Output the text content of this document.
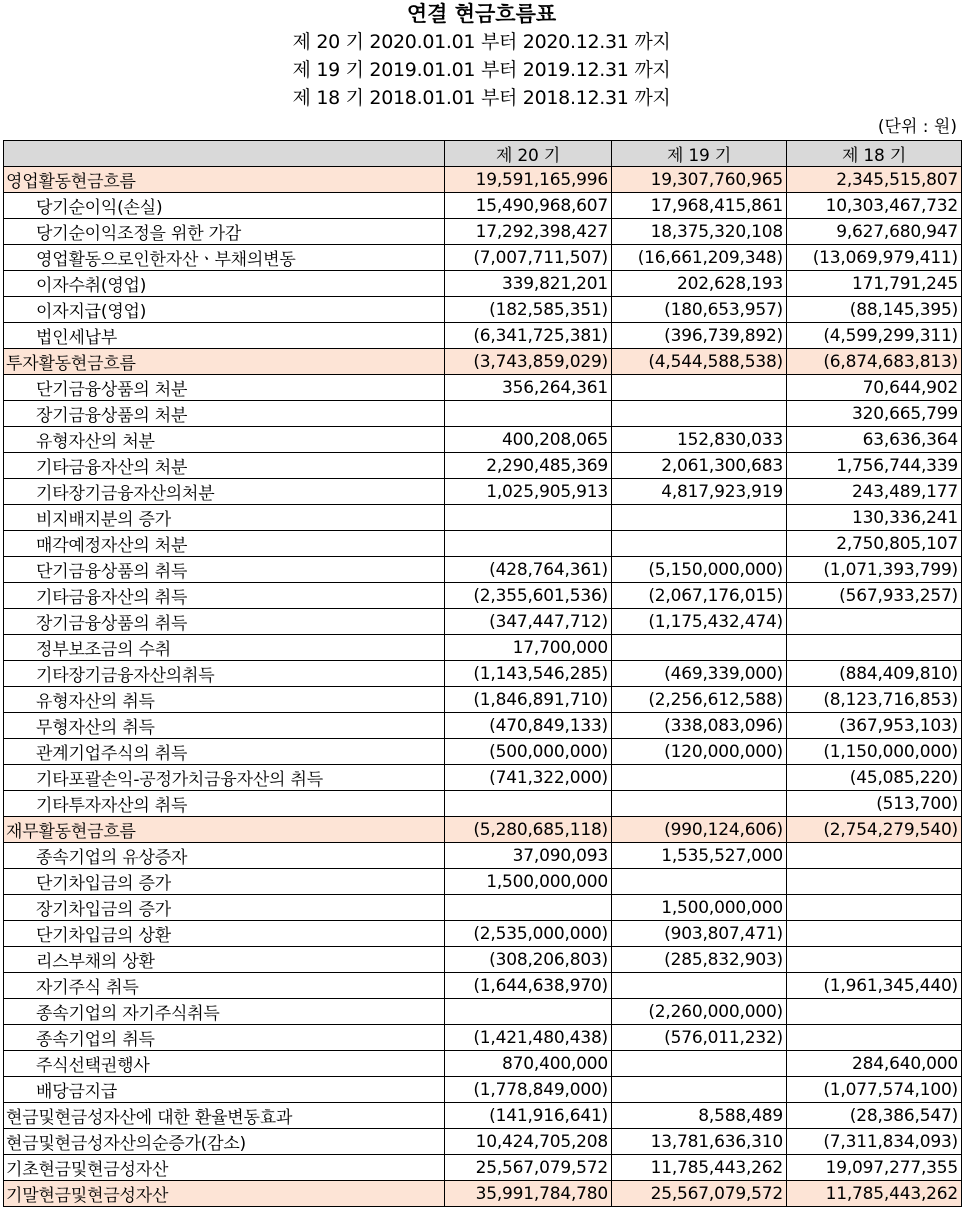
연결 현금흐름표
제 20 기 2020.01.01 부터 2020.12.31 까지
제 19 기 2019.01.01 부터 2019.12.31 까지
제 18 기 2018.01.01 부터 2018.12.31 까지
(단위 : 원)
	제 20 기	제 19 기	제 18 기
영업활동현금흐름	19,591,165,996	19,307,760,965	2,345,515,807
당기순이익(손실)	15,490,968,607	17,968,415,861	10,303,467,732
당기순이익조정을 위한 가감	17,292,398,427	18,375,320,108	9,627,680,947
영업활동으로인한자산ㆍ부채의변동	(7,007,711,507)	(16,661,209,348)	(13,069,979,411)
이자수취(영업)	339,821,201	202,628,193	171,791,245
이자지급(영업)	(182,585,351)	(180,653,957)	(88,145,395)
법인세납부	(6,341,725,381)	(396,739,892)	(4,599,299,311)
투자활동현금흐름	(3,743,859,029)	(4,544,588,538)	(6,874,683,813)
단기금융상품의 처분	356,264,361		70,644,902
장기금융상품의 처분			320,665,799
유형자산의 처분	400,208,065	152,830,033	63,636,364
기타금융자산의 처분	2,290,485,369	2,061,300,683	1,756,744,339
기타장기금융자산의처분	1,025,905,913	4,817,923,919	243,489,177
비지배지분의 증가			130,336,241
매각예정자산의 처분			2,750,805,107
단기금융상품의 취득	(428,764,361)	(5,150,000,000)	(1,071,393,799)
기타금융자산의 취득	(2,355,601,536)	(2,067,176,015)	(567,933,257)
장기금융상품의 취득	(347,447,712)	(1,175,432,474)	
정부보조금의 수취	17,700,000		
기타장기금융자산의취득	(1,143,546,285)	(469,339,000)	(884,409,810)
유형자산의 취득	(1,846,891,710)	(2,256,612,588)	(8,123,716,853)
무형자산의 취득	(470,849,133)	(338,083,096)	(367,953,103)
관계기업주식의 취득	(500,000,000)	(120,000,000)	(1,150,000,000)
기타포괄손익-공정가치금융자산의 취득	(741,322,000)		(45,085,220)
기타투자자산의 취득			(513,700)
재무활동현금흐름	(5,280,685,118)	(990,124,606)	(2,754,279,540)
종속기업의 유상증자	37,090,093	1,535,527,000	
단기차입금의 증가	1,500,000,000		
장기차입금의 증가		1,500,000,000	
단기차입금의 상환	(2,535,000,000)	(903,807,471)	
리스부채의 상환	(308,206,803)	(285,832,903)	
자기주식 취득	(1,644,638,970)		(1,961,345,440)
종속기업의 자기주식취득		(2,260,000,000)	
종속기업의 취득	(1,421,480,438)	(576,011,232)	
주식선택권행사	870,400,000		284,640,000
배당금지급	(1,778,849,000)		(1,077,574,100)
현금및현금성자산에 대한 환율변동효과	(141,916,641)	8,588,489	(28,386,547)
현금및현금성자산의순증가(감소)	10,424,705,208	13,781,636,310	(7,311,834,093)
기초현금및현금성자산	25,567,079,572	11,785,443,262	19,097,277,355
기말현금및현금성자산	35,991,784,780	25,567,079,572	11,785,443,262
